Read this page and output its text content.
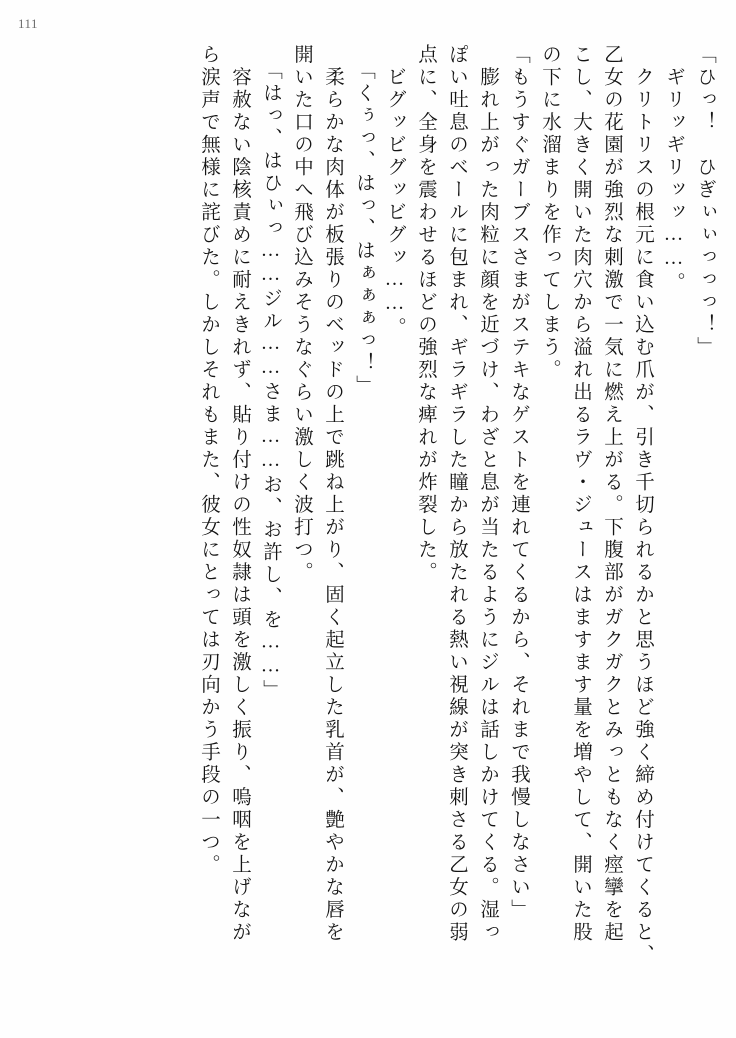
111
「ひっ！　ひぎぃぃっっっ！」
　ギリッギリッッ……。
　クリトリスの根元に食い込む爪が、引き千切られるかと思うほど強く締め付けてくると、
乙女の花園が強烈な刺激で一気に燃え上がる。下腹部がガクガクとみっともなく痙攣を起
こし、大きく開いた肉穴から溢れ出るラヴ・ジュースはますます量を増やして、開いた股
の下に水溜まりを作ってしまう。
「もうすぐガーブスさまがステキなゲストを連れてくるから、それまで我慢しなさい」
　膨れ上がった肉粒に顔を近づけ、わざと息が当たるようにジルは話しかけてくる。湿っ
ぽい吐息のベールに包まれ、ギラギラした瞳から放たれる熱い視線が突き刺さる乙女の弱
点に、全身を震わせるほどの強烈な痺れが炸裂した。
　ビグッビグッビグッ……。
「くぅっ、はっ、はぁぁぁっ！」
　柔らかな肉体が板張りのベッドの上で跳ね上がり、固く起立した乳首が、艶やかな唇を
開いた口の中へ飛び込みそうなぐらい激しく波打つ。
「はっ、はひぃっ……ジル……さま……お、お許し、を……」
　容赦ない陰核責めに耐えきれず、貼り付けの性奴隷は頭を激しく振り、嗚咽を上げなが
ら涙声で無様に詫びた。しかしそれもまた、彼女にとっては刃向かう手段の一つ。
